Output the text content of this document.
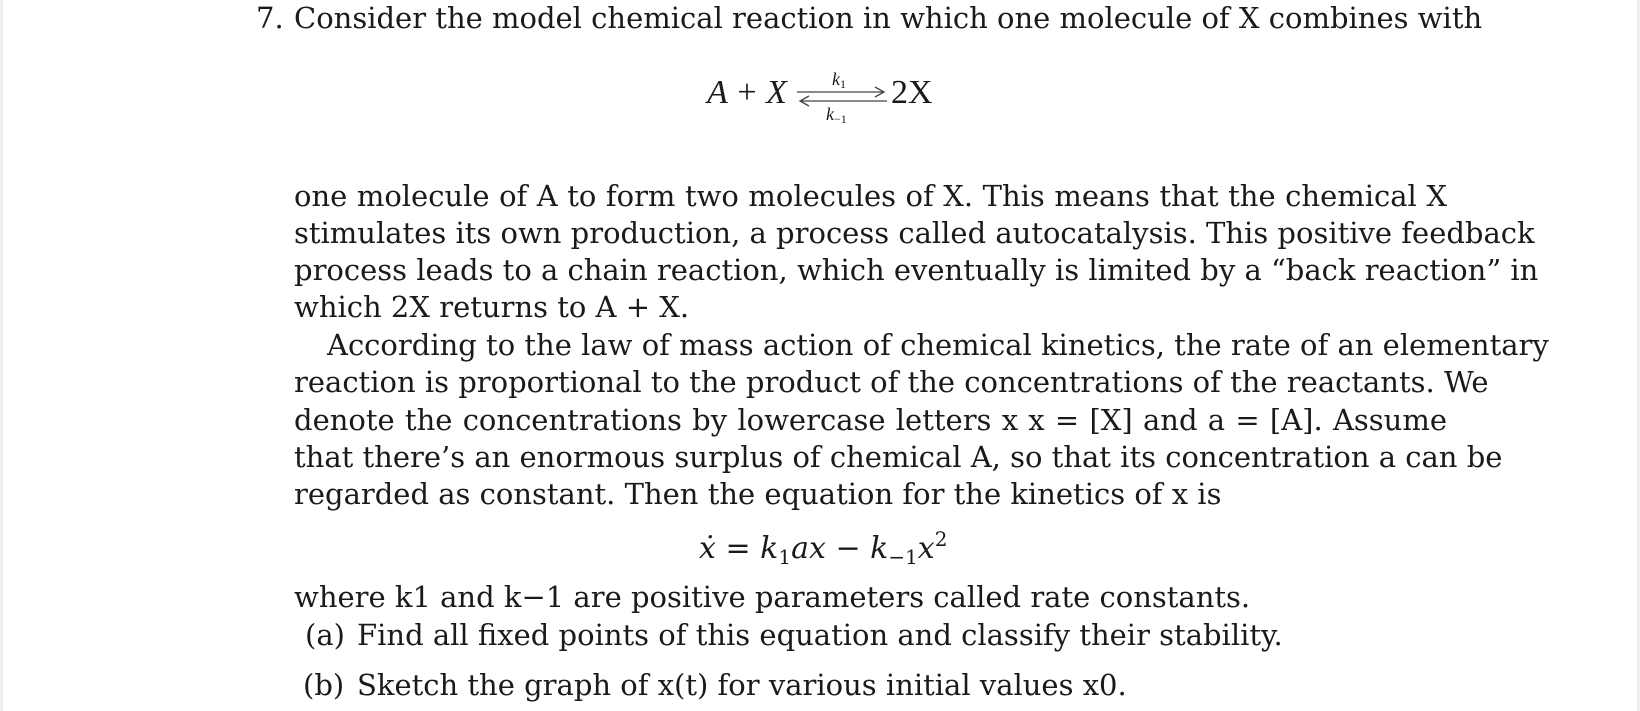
7. Consider the model chemical reaction in which one molecule of X combines with
A + X	k1
k−1
2X
one molecule of A to form two molecules of X. This means that the chemical X
stimulates its own production, a process called autocatalysis. This positive feedback
process leads to a chain reaction, which eventually is limited by a “back reaction” in
which 2X returns to A + X.
According to the law of mass action of chemical kinetics, the rate of an elementary
reaction is proportional to the product of the concentrations of the reactants. We
denote the concentrations by lowercase letters x x = [X] and a = [A]. Assume
that there’s an enormous surplus of chemical A, so that its concentration a can be
regarded as constant. Then the equation for the kinetics of x is
ẋ = $k_1ax - k_{-1}x^2$
where k1 and k−1 are positive parameters called rate constants.
(a) Find all fixed points of this equation and classify their stability.
(b) Sketch the graph of x(t) for various initial values x0.
